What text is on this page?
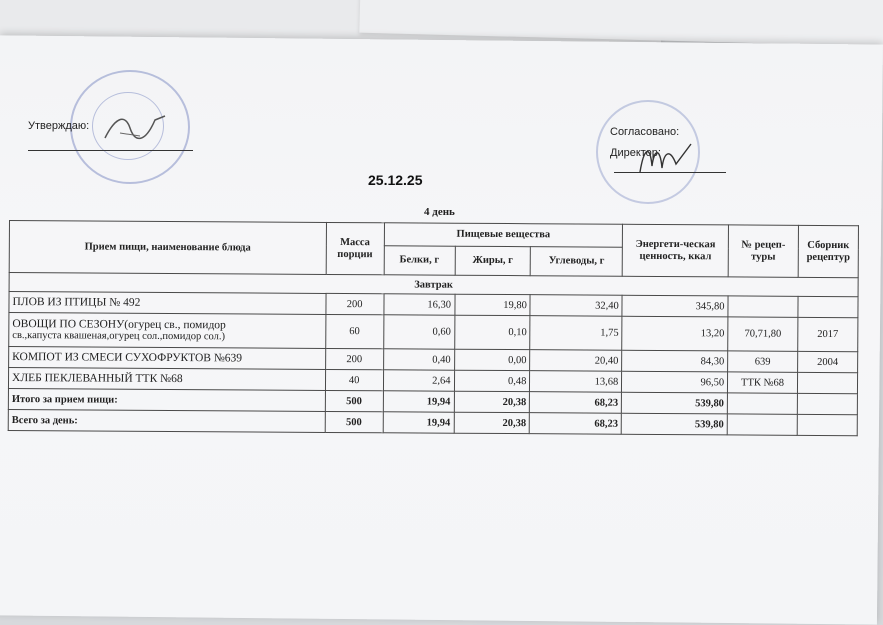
Утверждаю:	Согласовано:
Директор:
25.12.25
4 день
Прием пищи, наименование блюда	Масса порции	Пищевые вещества			Энергети-ческая ценность, ккал	№ рецеп-туры	Сборник рецептур
		Белки, г	Жиры, г	Углеводы, г			
Завтрак							
ПЛОВ ИЗ ПТИЦЫ № 492	200	16,30	19,80	32,40	345,80		

ОВОЩИ ПО СЕЗОНУ(огурец св., помидор
св.,капуста квашеная,огурец сол.,помидор сол.)	60	0,60	0,10	1,75	13,20	70,71,80	2017
КОМПОТ ИЗ СМЕСИ СУХОФРУКТОВ №639	200	0,40	0,00	20,40	84,30	639	2004
ХЛЕБ ПЕКЛЕВАННЫЙ ТТК №68	40	2,64	0,48	13,68	96,50	ТТК №68	
Итого за прием пищи:	500	19,94	20,38	68,23	539,80		
Всего за день:	500	19,94	20,38	68,23	539,80		
